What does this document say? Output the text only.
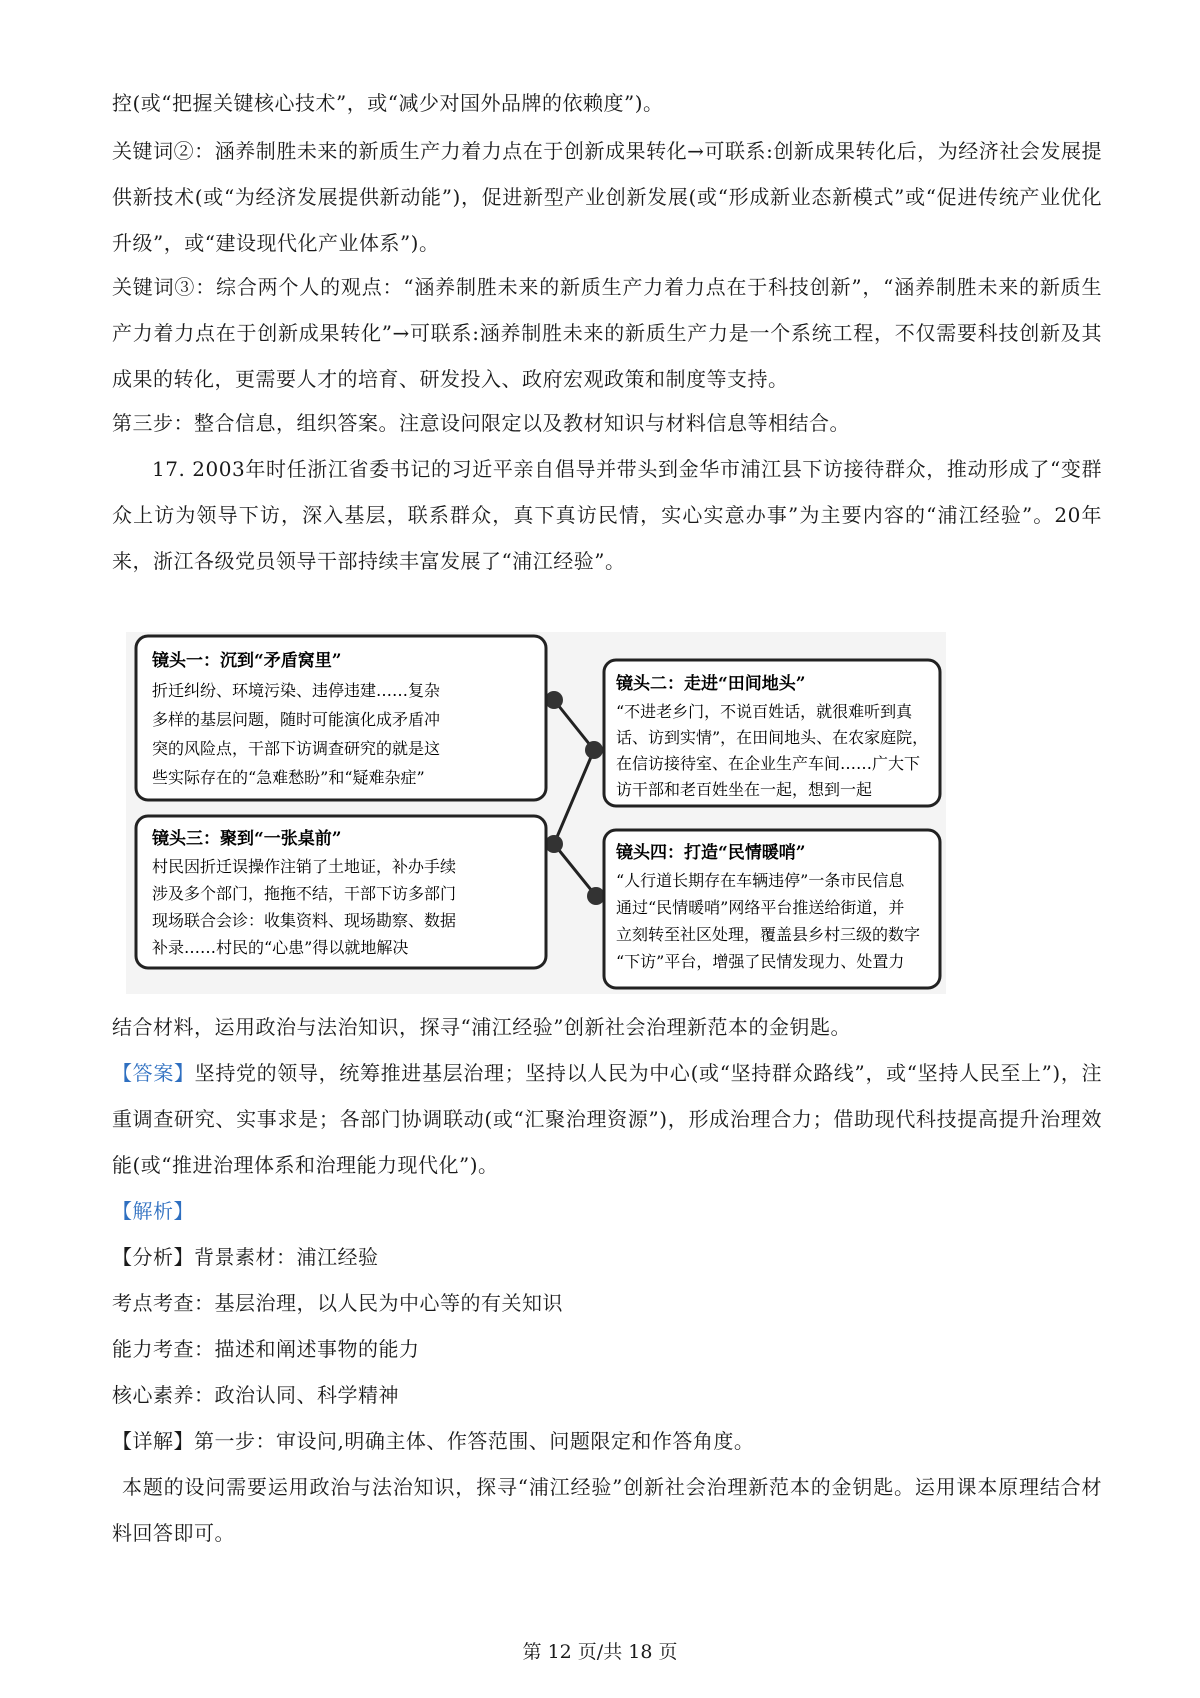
控(或“把握关键核心技术”，或“减少对国外品牌的依赖度”)。

关键词②：涵养制胜未来的新质生产力着力点在于创新成果转化→可联系:创新成果转化后，为经济社会发展提供新技术(或“为经济发展提供新动能”)，促进新型产业创新发展(或“形成新业态新模式”或“促进传统产业优化升级”，或“建设现代化产业体系”)。

关键词③：综合两个人的观点：“涵养制胜未来的新质生产力着力点在于科技创新”，“涵养制胜未来的新质生产力着力点在于创新成果转化”→可联系:涵养制胜未来的新质生产力是一个系统工程，不仅需要科技创新及其成果的转化，更需要人才的培育、研发投入、政府宏观政策和制度等支持。

第三步：整合信息，组织答案。注意设问限定以及教材知识与材料信息等相结合。

17. 2003年时任浙江省委书记的习近平亲自倡导并带头到金华市浦江县下访接待群众，推动形成了“变群众上访为领导下访，深入基层，联系群众，真下真访民情，实心实意办事”为主要内容的“浦江经验”。20年来，浙江各级党员领导干部持续丰富发展了“浦江经验”。

镜头一：沉到“矛盾窝里”
折迁纠纷、环境污染、违停违建……复杂
多样的基层问题，随时可能演化成矛盾冲
突的风险点，干部下访调查研究的就是这
些实际存在的“急难愁盼”和“疑难杂症”
镜头二：走进“田间地头”
“不进老乡门，不说百姓话，就很难听到真
话、访到实情”，在田间地头、在农家庭院，
在信访接待室、在企业生产车间……广大下
访干部和老百姓坐在一起，想到一起
镜头三：聚到“一张桌前”
村民因折迁误操作注销了土地证，补办手续
涉及多个部门，拖拖不结，干部下访多部门
现场联合会诊：收集资料、现场勘察、数据
补录……村民的“心患”得以就地解决
镜头四：打造“民情暖哨”
“人行道长期存在车辆违停”一条市民信息
通过“民情暖哨”网络平台推送给街道，并
立刻转至社区处理，覆盖县乡村三级的数字
“下访”平台，增强了民情发现力、处置力

结合材料，运用政治与法治知识，探寻“浦江经验”创新社会治理新范本的金钥匙。

【答案】坚持党的领导，统筹推进基层治理；坚持以人民为中心(或“坚持群众路线”，或“坚持人民至上”)，注重调查研究、实事求是；各部门协调联动(或“汇聚治理资源”)，形成治理合力；借助现代科技提高提升治理效能(或“推进治理体系和治理能力现代化”)。

【解析】

【分析】背景素材：浦江经验

考点考查：基层治理，以人民为中心等的有关知识

能力考查：描述和阐述事物的能力

核心素养：政治认同、科学精神

【详解】第一步：审设问,明确主体、作答范围、问题限定和作答角度。

本题的设问需要运用政治与法治知识，探寻“浦江经验”创新社会治理新范本的金钥匙。运用课本原理结合材料回答即可。

第 12 页/共 18 页
